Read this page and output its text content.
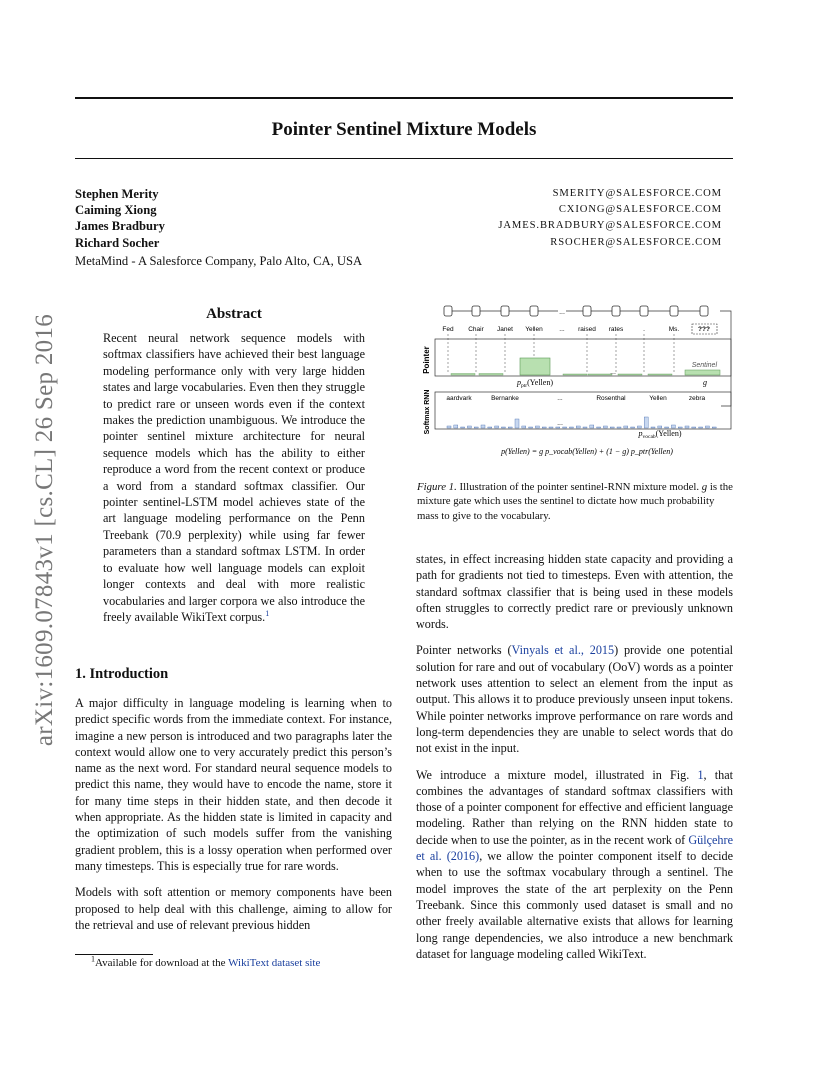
Pointer Sentinel Mixture Models
Stephen Merity
Caiming Xiong
James Bradbury
Richard Socher
SMERITY@SALESFORCE.COM
CXIONG@SALESFORCE.COM
JAMES.BRADBURY@SALESFORCE.COM
RSOCHER@SALESFORCE.COM
MetaMind - A Salesforce Company, Palo Alto, CA, USA
arXiv:1609.07843v1 [cs.CL] 26 Sep 2016	Abstract
Recent neural network sequence models with softmax classifiers have achieved their best language modeling performance only with very large hidden states and large vocabularies. Even then they struggle to predict rare or unseen words even if the context makes the prediction unambiguous. We introduce the pointer sentinel mixture architecture for neural sequence models which has the ability to either reproduce a word from the recent context or produce a word from a standard softmax classifier. Our pointer sentinel-LSTM model achieves state of the art language modeling performance on the Penn Treebank (70.9 perplexity) while using far fewer parameters than a standard softmax LSTM. In order to evaluate how well language models can exploit longer contexts and deal with more realistic vocabularies and larger corpora we also introduce the freely available WikiText corpus.$^1$
1. Introduction

A major difficulty in language modeling is learning when to predict specific words from the immediate context. For instance, imagine a new person is introduced and two paragraphs later the context would allow one to very accurately predict this person’s name as the next word. For standard neural sequence models to predict this name, they would have to encode the name, store it for many time steps in their hidden state, and then decode it when appropriate. As the hidden state is limited in capacity and the optimization of such models suffer from the vanishing gradient problem, this is a lossy operation when performed over many timesteps. This is especially true for rare words.

Models with soft attention or memory components have been proposed to help deal with this challenge, aiming to allow for the retrieval and use of relevant previous hidden

$^1$Available for download at the WikiText dataset site
...
Fed Chair Janet Yellen	... raised rates	.	Ms.	???
Pointer	Sentinel
...
$p_{ptr}(Yellen)$	g
Softmax RNN aardvark	Bernanke	...	Rosenthal	Yellen	zebra
...
$p_{vocab}(Yellen)$
p(Yellen) = g p_vocab(Yellen) + (1 − g) p_ptr(Yellen)
Figure 1. Illustration of the pointer sentinel-RNN mixture model. g is the mixture gate which uses the sentinel to dictate how much probability mass to give to the vocabulary.

states, in effect increasing hidden state capacity and providing a path for gradients not tied to timesteps. Even with attention, the standard softmax classifier that is being used in these models often struggles to correctly predict rare or previously unknown words.

Pointer networks (Vinyals et al., 2015) provide one potential solution for rare and out of vocabulary (OoV) words as a pointer network uses attention to select an element from the input as output. This allows it to produce previously unseen input tokens. While pointer networks improve performance on rare words and long-term dependencies they are unable to select words that do not exist in the input.

We introduce a mixture model, illustrated in Fig. 1, that combines the advantages of standard softmax classifiers with those of a pointer component for effective and efficient language modeling. Rather than relying on the RNN hidden state to decide when to use the pointer, as in the recent work of Gülçehre et al. (2016), we allow the pointer component itself to decide when to use the softmax vocabulary through a sentinel. The model improves the state of the art perplexity on the Penn Treebank. Since this commonly used dataset is small and no other freely available alternative exists that allows for learning long range dependencies, we also introduce a new benchmark dataset for language modeling called WikiText.
